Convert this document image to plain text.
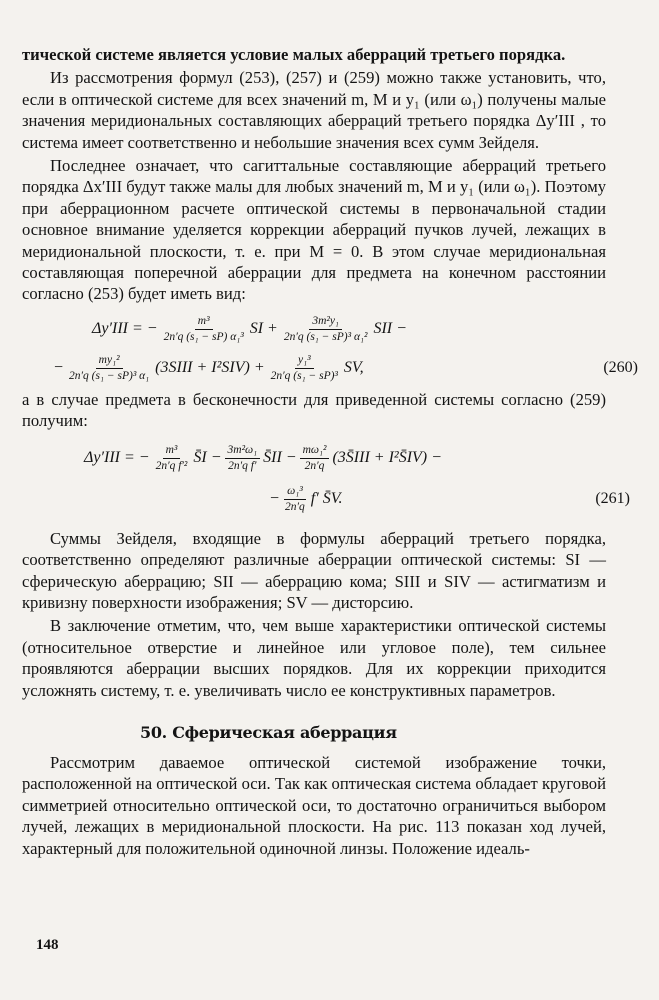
тической системе является условие малых аберраций третьего порядка.

Из рассмотрения формул (253), (257) и (259) можно также установить, что, если в оптической системе для всех значений m, M и y₁ (или ω₁) получены малые значения меридиональных составляющих аберраций третьего порядка Δy′III , то система имеет соответственно и небольшие значения всех сумм Зейделя.

Последнее означает, что сагиттальные составляющие аберраций третьего порядка Δx′III будут также малы для любых значений m, M и y₁ (или ω₁). Поэтому при аберрационном расчете оптической системы в первоначальной стадии основное внимание уделяется коррекции аберраций пучков лучей, лежащих в меридиональной плоскости, т. е. при M = 0. В этом случае меридиональная составляющая поперечной аберрации для предмета на конечном расстоянии согласно (253) будет иметь вид:

Δy′III = − $\frac{\text{m³}}{\text{2n′q (s₁ − sP) α₁³}}$ SI + $\frac{\text{3m²y₁}}{\text{2n′q (s₁ − sP)³ α₁²}}$ SII −
− $\frac{\text{my₁²}}{\text{2n′q (s₁ − sP)³ α₁}}$ (3SIII + $I^2SIV) + \frac{\text{y₁³}}{\text{2n′q (s₁ − sP)³}}$ SV,	(260)

а в случае предмета в бесконечности для приведенной системы согласно (259) получим:

Δy′III = − $\frac{\text{m³}}{\text{2n′q f′²}}$ S̄I − $\frac{\text{3m²ω₁}}{\text{2n′q f′}}$ S̄II − $\frac{\text{mω₁²}}{2n'q}$ (3S̄III + I²S̄IV) −
− $\frac{\text{ω₁³}}{2n'q} f'$ S̄V.	(261)

Суммы Зейделя, входящие в формулы аберраций третьего порядка, соответственно определяют различные аберрации оптической системы: SI — сферическую аберрацию; SII — аберрацию кома; SIII и SIV — астигматизм и кривизну поверхности изображения; SV — дисторсию.

В заключение отметим, что, чем выше характеристики оптической системы (относительное отверстие и линейное или угловое поле), тем сильнее проявляются аберрации высших порядков. Для их коррекции приходится усложнять систему, т. е. увеличивать число ее конструктивных параметров.

50. Сферическая аберрация

Рассмотрим даваемое оптической системой изображение точки, расположенной на оптической оси. Так как оптическая система обладает круговой симметрией относительно оптической оси, то достаточно ограничиться выбором лучей, лежащих в меридиональной плоскости. На рис. 113 показан ход лучей, характерный для положительной одиночной линзы. Положение идеаль-

148
